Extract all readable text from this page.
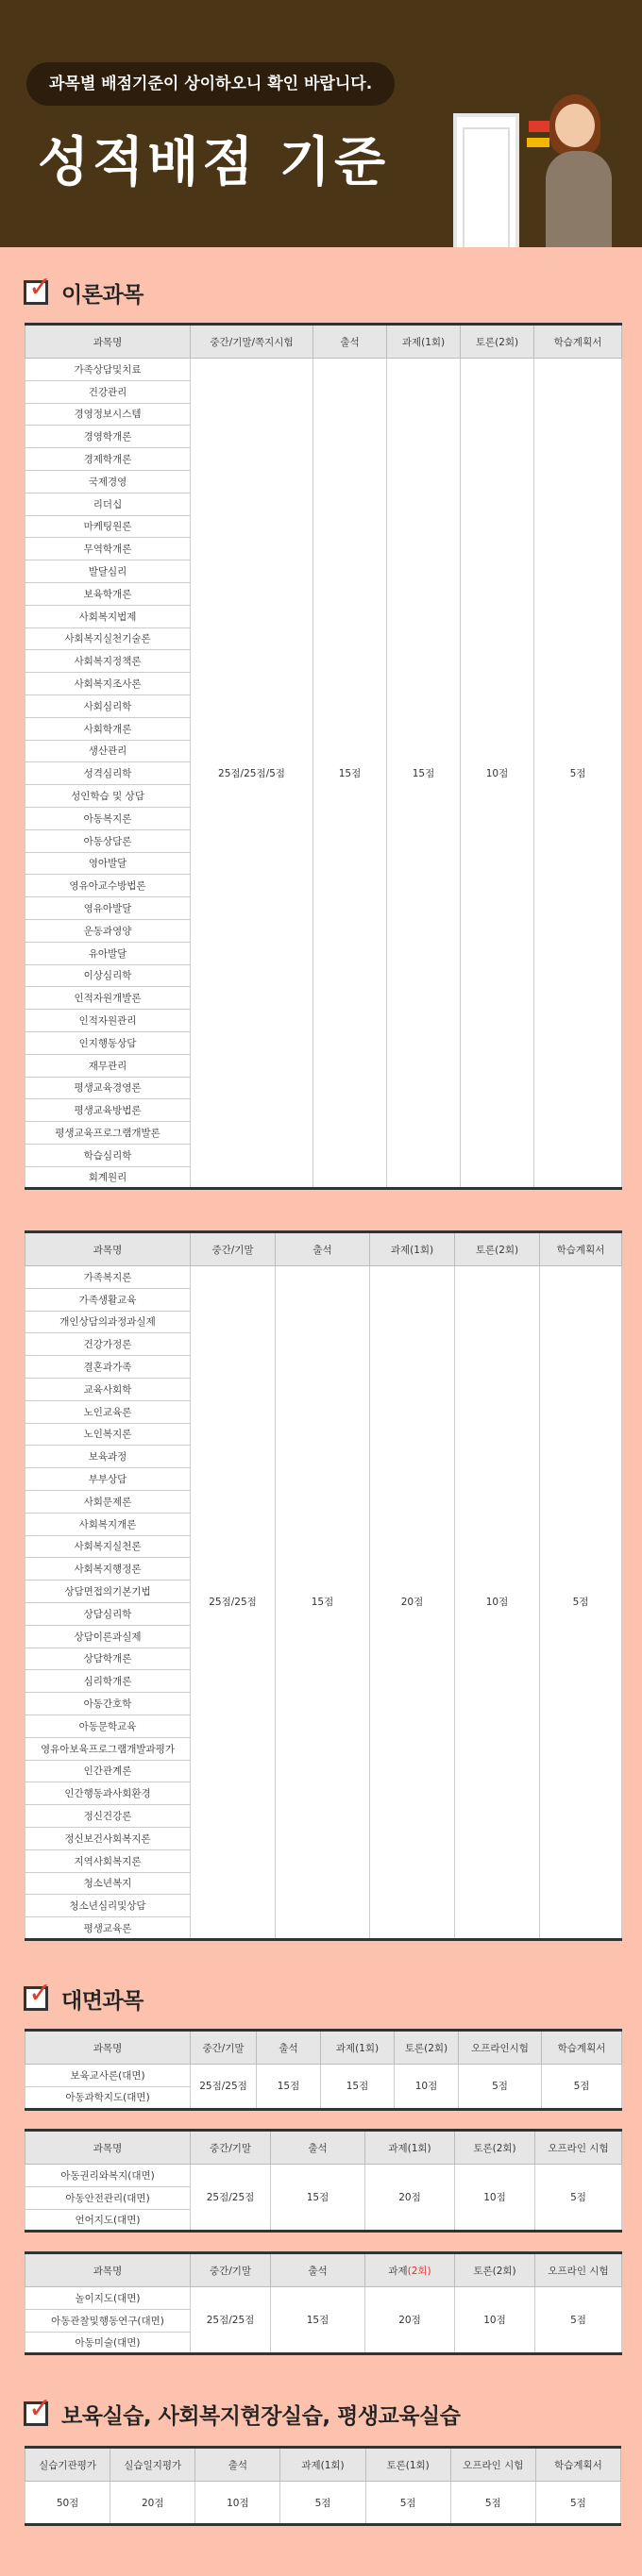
과목별 배점기준이 상이하오니 확인 바랍니다.
성적배점 기준
✓ 이론과목
과목명	중간/기말/쪽지시험	출석	과제(1회)	토론(2회)	학습계획서
가족상담및치료	25점/25점/5점	15점	15점	10점	5점
건강관리					
경영정보시스템					
경영학개론					
경제학개론					
국제경영					
리더십					
마케팅원론					
무역학개론					
발달심리					
보육학개론					
사회복지법제					
사회복지실천기술론					
사회복지정책론					
사회복지조사론					
사회심리학					
사회학개론					
생산관리					
성격심리학					
성인학습 및 상담					
아동복지론					
아동상담론					
영아발달					
영유아교수방법론					
영유아발달					
운동과영양					
유아발달					
이상심리학					
인적자원개발론					
인적자원관리					
인지행동상담					
재무관리					
평생교육경영론					
평생교육방법론					
평생교육프로그램개발론					
학습심리학					
회계원리					
과목명	중간/기말	출석	과제(1회)	토론(2회)	학습계획서
가족복지론	25점/25점	15점	20점	10점	5점
가족생활교육					
개인상담의과정과실제					
건강가정론					
결혼과가족					
교육사회학					
노인교육론					
노인복지론					
보육과정					
부부상담					
사회문제론					
사회복지개론					
사회복지실천론					
사회복지행정론					
상담면접의기본기법					
상담심리학					
상담이론과실제					
상담학개론					
심리학개론					
아동간호학					
아동문학교육					
영유아보육프로그램개발과평가					
인간관계론					
인간행동과사회환경					
정신건강론					
정신보건사회복지론					
지역사회복지론					
청소년복지					
청소년심리및상담					
평생교육론					
✓ 대면과목
과목명	중간/기말	출석	과제(1회)	토론(2회)	오프라인시험	학습계획서
보육교사론(대면)	25점/25점	15점	15점	10점	5점	5점
아동과학지도(대면)						
과목명	중간/기말	출석	과제(1회)	토론(2회)	오프라인 시험
아동권리와복지(대면)	25점/25점	15점	20점	10점	5점
아동안전관리(대면)					
언어지도(대면)					
과목명	중간/기말	출석	과제(2회)	토론(2회)	오프라인 시험
놀이지도(대면)	25점/25점	15점	20점	10점	5점
아동관찰및행동연구(대면)					
아동미술(대면)					
✓ 보육실습, 사회복지현장실습, 평생교육실습
실습기관평가	실습일지평가	출석	과제(1회)	토론(1회)	오프라인 시험	학습계획서
50점	20점	10점	5점	5점	5점	5점
